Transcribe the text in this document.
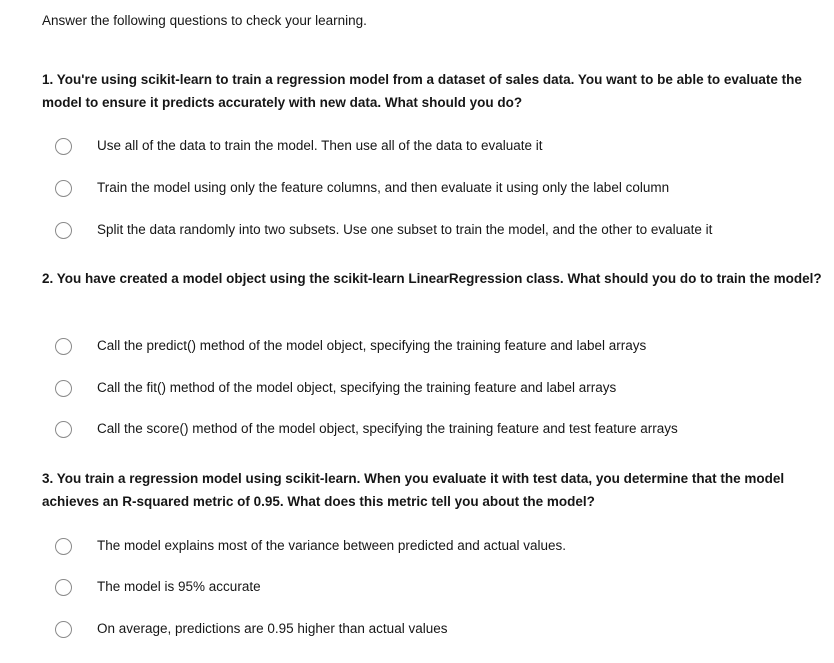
Answer the following questions to check your learning.
1. You're using scikit-learn to train a regression model from a dataset of sales data. You want to be able to evaluate the model to ensure it predicts accurately with new data. What should you do?
Use all of the data to train the model. Then use all of the data to evaluate it
Train the model using only the feature columns, and then evaluate it using only the label column
Split the data randomly into two subsets. Use one subset to train the model, and the other to evaluate it
2. You have created a model object using the scikit-learn LinearRegression class. What should you do to train the model?
Call the predict() method of the model object, specifying the training feature and label arrays
Call the fit() method of the model object, specifying the training feature and label arrays
Call the score() method of the model object, specifying the training feature and test feature arrays
3. You train a regression model using scikit-learn. When you evaluate it with test data, you determine that the model achieves an R-squared metric of 0.95. What does this metric tell you about the model?
The model explains most of the variance between predicted and actual values.
The model is 95% accurate
On average, predictions are 0.95 higher than actual values
